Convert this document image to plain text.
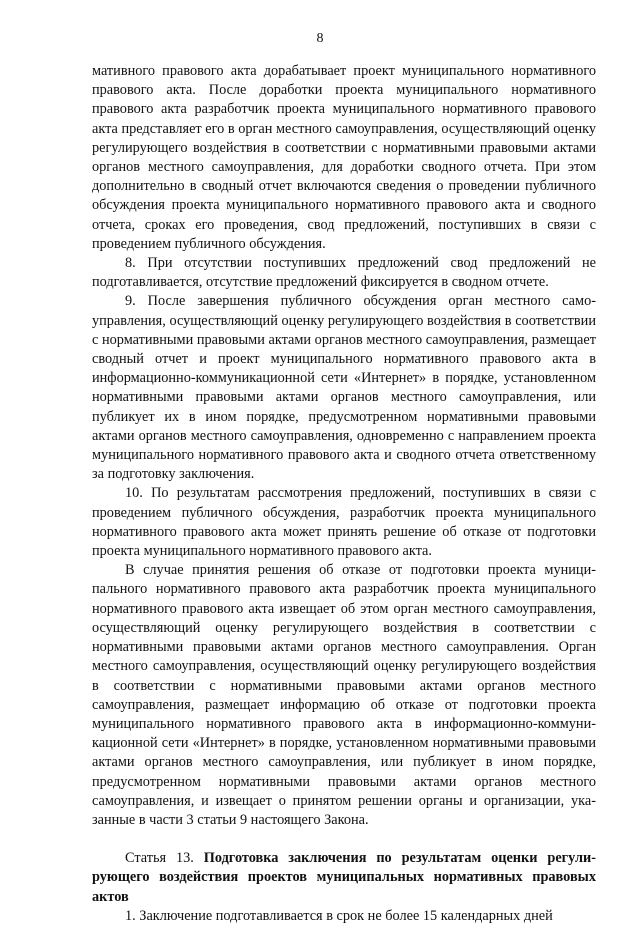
8

мативного правового акта дорабатывает проект муниципального нормативного правового акта. После доработки проекта муниципального нормативного правового акта разработчик проекта муниципального нормативного правового акта представляет его в орган местного самоуправления, осуществляющий оценку регулирующего воздействия в соответствии с нормативными правовыми актами органов местного самоуправления, для доработки сводного отчета. При этом дополнительно в сводный отчет включаются сведения о проведении публичного обсуждения проекта муниципального нормативного правового акта и сводного отчета, сроках его проведения, свод предложений, поступивших в связи с проведением публичного обсуждения.

8. При отсутствии поступивших предложений свод предложений не подготавливается, отсутствие предложений фиксируется в сводном отчете.

9. После завершения публичного обсуждения орган местного самоуправления, осуществляющий оценку регулирующего воздействия в соответствии с нормативными правовыми актами органов местного самоуправления, размещает сводный отчет и проект муниципального нормативного правового акта в информационно-коммуникационной сети «Интернет» в порядке, установленном нормативными правовыми актами органов местного самоуправления, или публикует их в ином порядке, предусмотренном нормативными правовыми актами органов местного самоуправления, одновременно с направлением проекта муниципального нормативного правового акта и сводного отчета ответственному за подготовку заключения.

10. По результатам рассмотрения предложений, поступивших в связи с проведением публичного обсуждения, разработчик проекта муниципального нормативного правового акта может принять решение об отказе от подготовки проекта муниципального нормативного правового акта.

В случае принятия решения об отказе от подготовки проекта муниципального нормативного правового акта разработчик проекта муниципального нормативного правового акта извещает об этом орган местного самоуправления, осуществляющий оценку регулирующего воздействия в соответствии с нормативными правовыми актами органов местного самоуправления. Орган местного самоуправления, осуществляющий оценку регулирующего воздействия в соответствии с нормативными правовыми актами органов местного самоуправления, размещает информацию об отказе от подготовки проекта муниципального нормативного правового акта в информационно-коммуникационной сети «Интернет» в порядке, установленном нормативными правовыми актами органов местного самоуправления, или публикует в ином порядке, предусмотренном нормативными правовыми актами органов местного самоуправления, и извещает о принятом решении органы и организации, указанные в части 3 статьи 9 настоящего Закона.

Статья 13. Подготовка заключения по результатам оценки регулирующего воздействия проектов муниципальных нормативных правовых актов

1. Заключение подготавливается в срок не более 15 календарных дней
